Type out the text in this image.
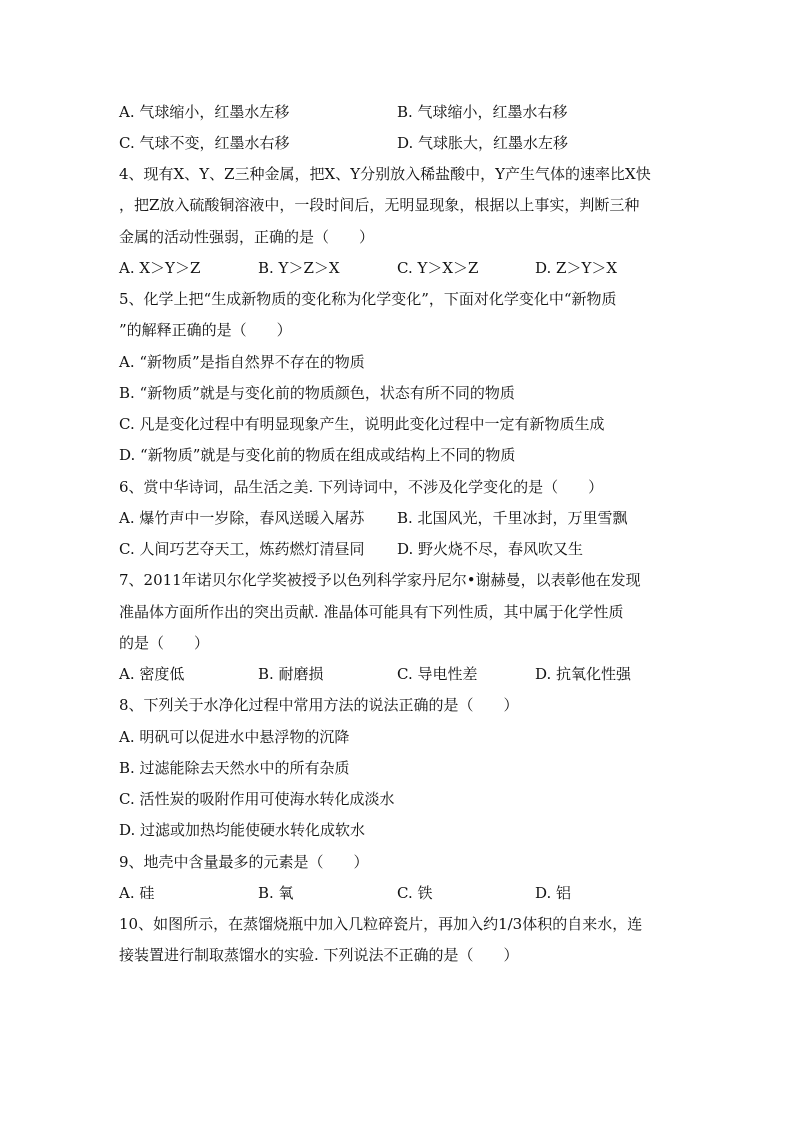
A. 气球缩小，红墨水左移	B. 气球缩小，红墨水右移
C. 气球不变，红墨水右移	D. 气球胀大，红墨水左移
4、现有X、Y、Z三种金属，把X、Y分别放入稀盐酸中，Y产生气体的速率比X快
，把Z放入硫酸铜溶液中，一段时间后，无明显现象，根据以上事实，判断三种
金属的活动性强弱，正确的是（　　）
A. X＞Y＞Z	B. Y＞Z＞X	C. Y＞X＞Z	D. Z＞Y＞X
5、化学上把“生成新物质的变化称为化学变化”，下面对化学变化中“新物质
”的解释正确的是（　　）
A. “新物质”是指自然界不存在的物质
B. “新物质”就是与变化前的物质颜色，状态有所不同的物质
C. 凡是变化过程中有明显现象产生，说明此变化过程中一定有新物质生成
D. “新物质”就是与变化前的物质在组成或结构上不同的物质
6、赏中华诗词，品生活之美. 下列诗词中，不涉及化学变化的是（　　）
A. 爆竹声中一岁除，春风送暖入屠苏 B. 北国风光，千里冰封，万里雪飘
C. 人间巧艺夺天工，炼药燃灯清昼同 D. 野火烧不尽，春风吹又生
7、2011年诺贝尔化学奖被授予以色列科学家丹尼尔•谢赫曼，以表彰他在发现
准晶体方面所作出的突出贡献. 准晶体可能具有下列性质，其中属于化学性质
的是（　　）
A. 密度低	B. 耐磨损	C. 导电性差	D. 抗氧化性强
8、下列关于水净化过程中常用方法的说法正确的是（　　）
A. 明矾可以促进水中悬浮物的沉降
B. 过滤能除去天然水中的所有杂质
C. 活性炭的吸附作用可使海水转化成淡水
D. 过滤或加热均能使硬水转化成软水
9、地壳中含量最多的元素是（　　）
A. 硅	B. 氧	C. 铁	D. 铝
10、如图所示，在蒸馏烧瓶中加入几粒碎瓷片，再加入约1/3体积的自来水，连
接装置进行制取蒸馏水的实验. 下列说法不正确的是（　　）
